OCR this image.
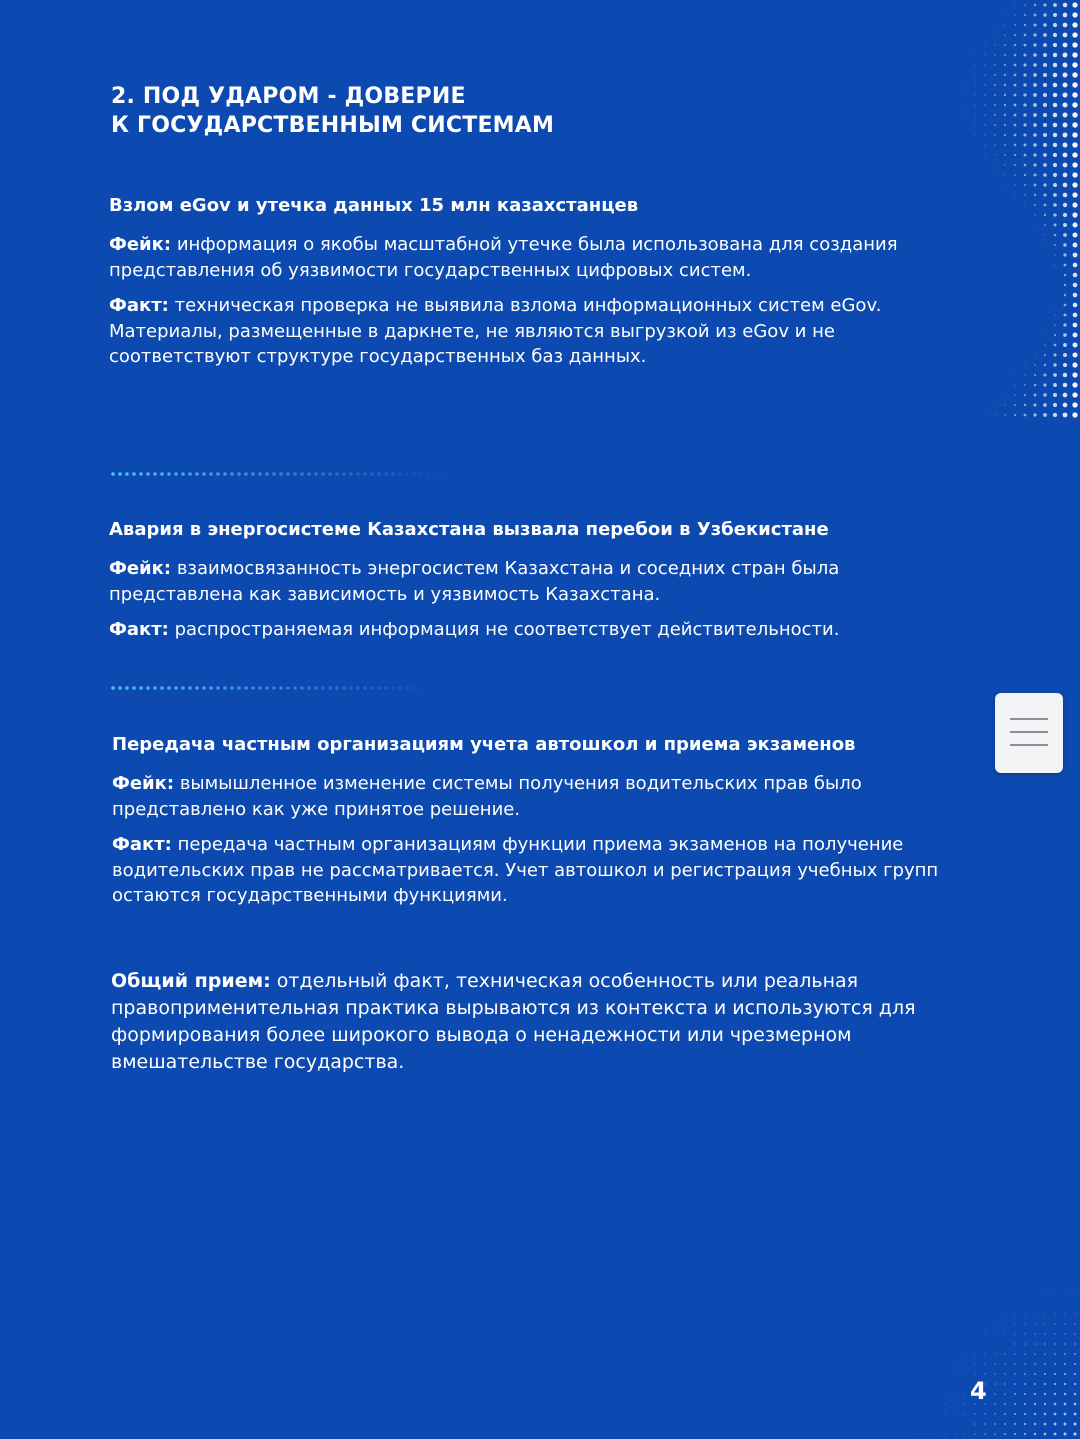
2. ПОД УДАРОМ - ДОВЕРИЕ
К ГОСУДАРСТВЕННЫМ СИСТЕМАМ
Взлом eGov и утечка данных 15 млн казахстанцев

Фейк: информация о якобы масштабной утечке была использована для создания представления об уязвимости государственных цифровых систем.

Факт: техническая проверка не выявила взлома информационных систем eGov. Материалы, размещенные в даркнете, не являются выгрузкой из eGov и не соответствуют структуре государственных баз данных.

Авария в энергосистеме Казахстана вызвала перебои в Узбекистане

Фейк: взаимосвязанность энергосистем Казахстана и соседних стран была представлена как зависимость и уязвимость Казахстана.

Факт: распространяемая информация не соответствует действительности.

Передача частным организациям учета автошкол и приема экзаменов

Фейк: вымышленное изменение системы получения водительских прав было представлено как уже принятое решение.

Факт: передача частным организациям функции приема экзаменов на получение водительских прав не рассматривается. Учет автошкол и регистрация учебных групп остаются государственными функциями.

Общий прием: отдельный факт, техническая особенность или реальная правоприменительная практика вырываются из контекста и используются для формирования более широкого вывода о ненадежности или чрезмерном вмешательстве государства.

4
